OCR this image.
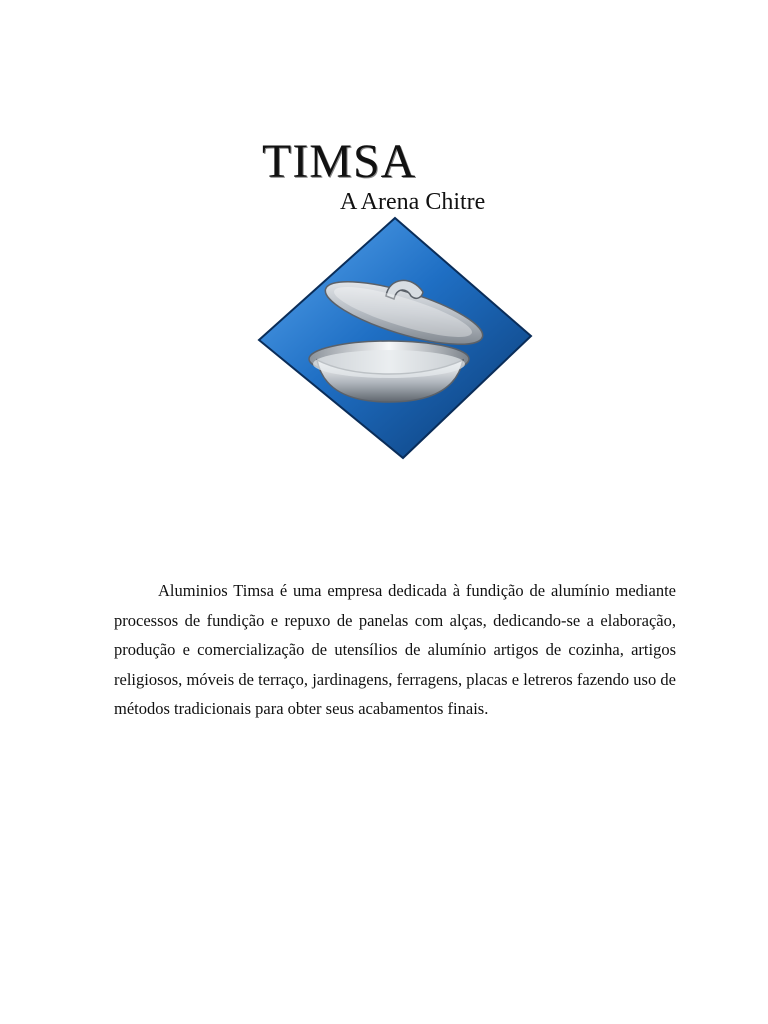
TIMSA
A Arena Chitre

Aluminios Timsa é uma empresa dedicada à fundição de alumínio mediante processos de fundição e repuxo de panelas com alças, dedicando-se a elaboração, produção e comercialização de utensílios de alumínio artigos de cozinha, artigos religiosos, móveis de terraço, jardinagens, ferragens, placas e letreros fazendo uso de métodos tradicionais para obter seus acabamentos finais.
